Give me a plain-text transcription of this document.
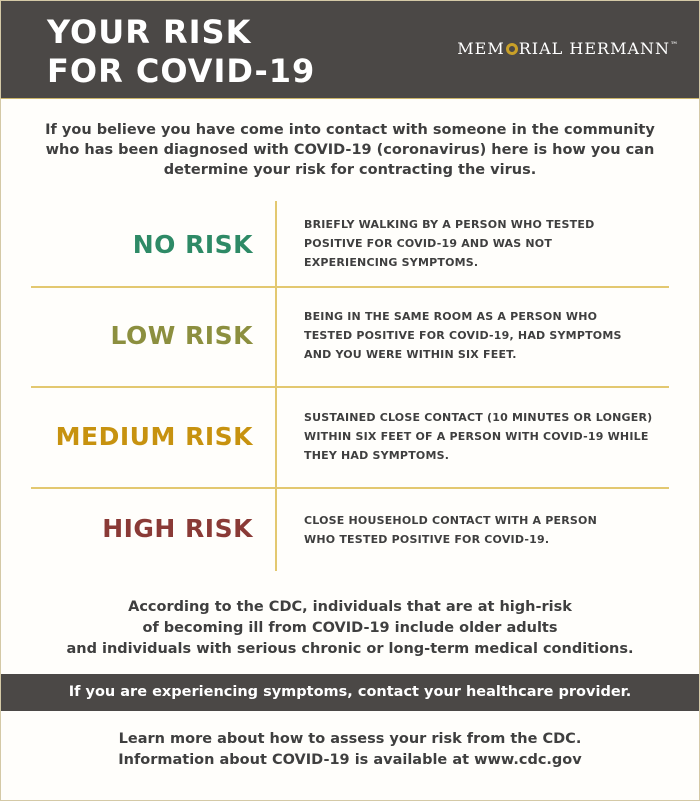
YOUR RISK
FOR COVID-19
MEM RIAL HERMANN™

If you believe you have come into contact with someone in the community who has been diagnosed with COVID-19 (coronavirus) here is how you can determine your risk for contracting the virus.

NO RISK
BRIEFLY WALKING BY A PERSON WHO TESTED POSITIVE FOR COVID-19 AND WAS NOT EXPERIENCING SYMPTOMS.
LOW RISK
BEING IN THE SAME ROOM AS A PERSON WHO TESTED POSITIVE FOR COVID-19, HAD SYMPTOMS AND YOU WERE WITHIN SIX FEET.
MEDIUM RISK
SUSTAINED CLOSE CONTACT (10 MINUTES OR LONGER) WITHIN SIX FEET OF A PERSON WITH COVID-19 WHILE THEY HAD SYMPTOMS.
HIGH RISK	CLOSE HOUSEHOLD CONTACT WITH A PERSON WHO TESTED POSITIVE FOR COVID-19.

According to the CDC, individuals that are at high-risk
of becoming ill from COVID-19 include older adults
and individuals with serious chronic or long-term medical conditions.

If you are experiencing symptoms, contact your healthcare provider.

Learn more about how to assess your risk from the CDC.
Information about COVID-19 is available at www.cdc.gov
